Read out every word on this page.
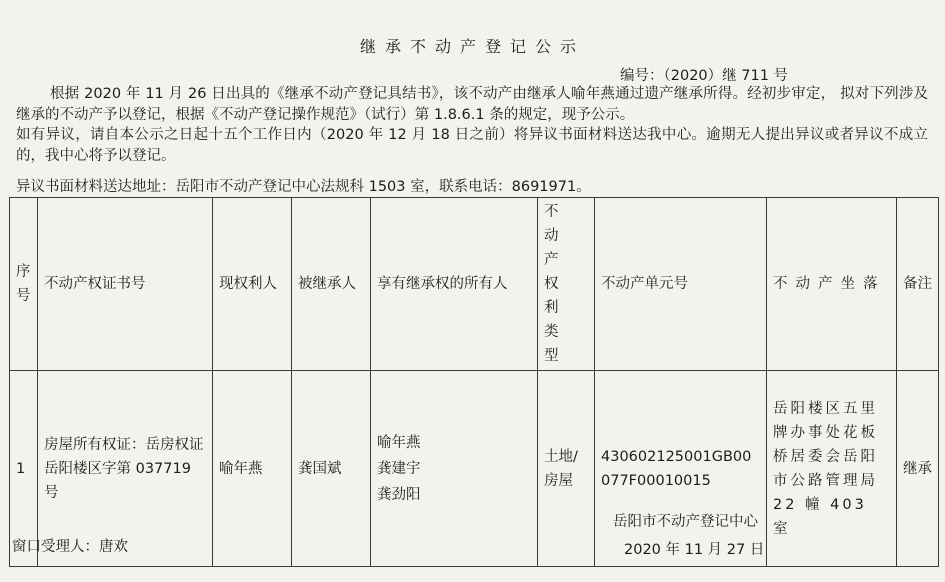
继承不动产登记公示
编号：（2020）继 711 号

根据 2020 年 11 月 26 日出具的《继承不动产登记具结书》，该不动产由继承人喻年燕通过遗产继承所得。经初步审定， 拟对下列涉及继承的不动产予以登记，根据《不动产登记操作规范》（试行）第 1.8.6.1 条的规定，现予公示。

如有异议，请自本公示之日起十五个工作日内（2020 年 12 月 18 日之前）将异议书面材料送达我中心。逾期无人提出异议或者异议不成立的，我中心将予以登记。

异议书面材料送达地址：岳阳市不动产登记中心法规科 1503 室，联系电话：8691971。
序号	不动产权证书号	现权利人	被继承人	享有继承权的所有人	不动产权利类型	不动产单元号	不动产坐落	备注
1	房屋所有权证：岳房权证岳阳楼区字第 037719 号	喻年燕	龚国斌	喻年燕
龚建宇
龚劲阳	土地/房屋	430602125001GB00077F00010015	岳阳楼区五里牌办事处花板桥居委会岳阳市公路管理局 22 幢 403 室	继承
岳阳市不动产登记中心
窗口受理人：唐欢	2020 年 11 月 27 日
